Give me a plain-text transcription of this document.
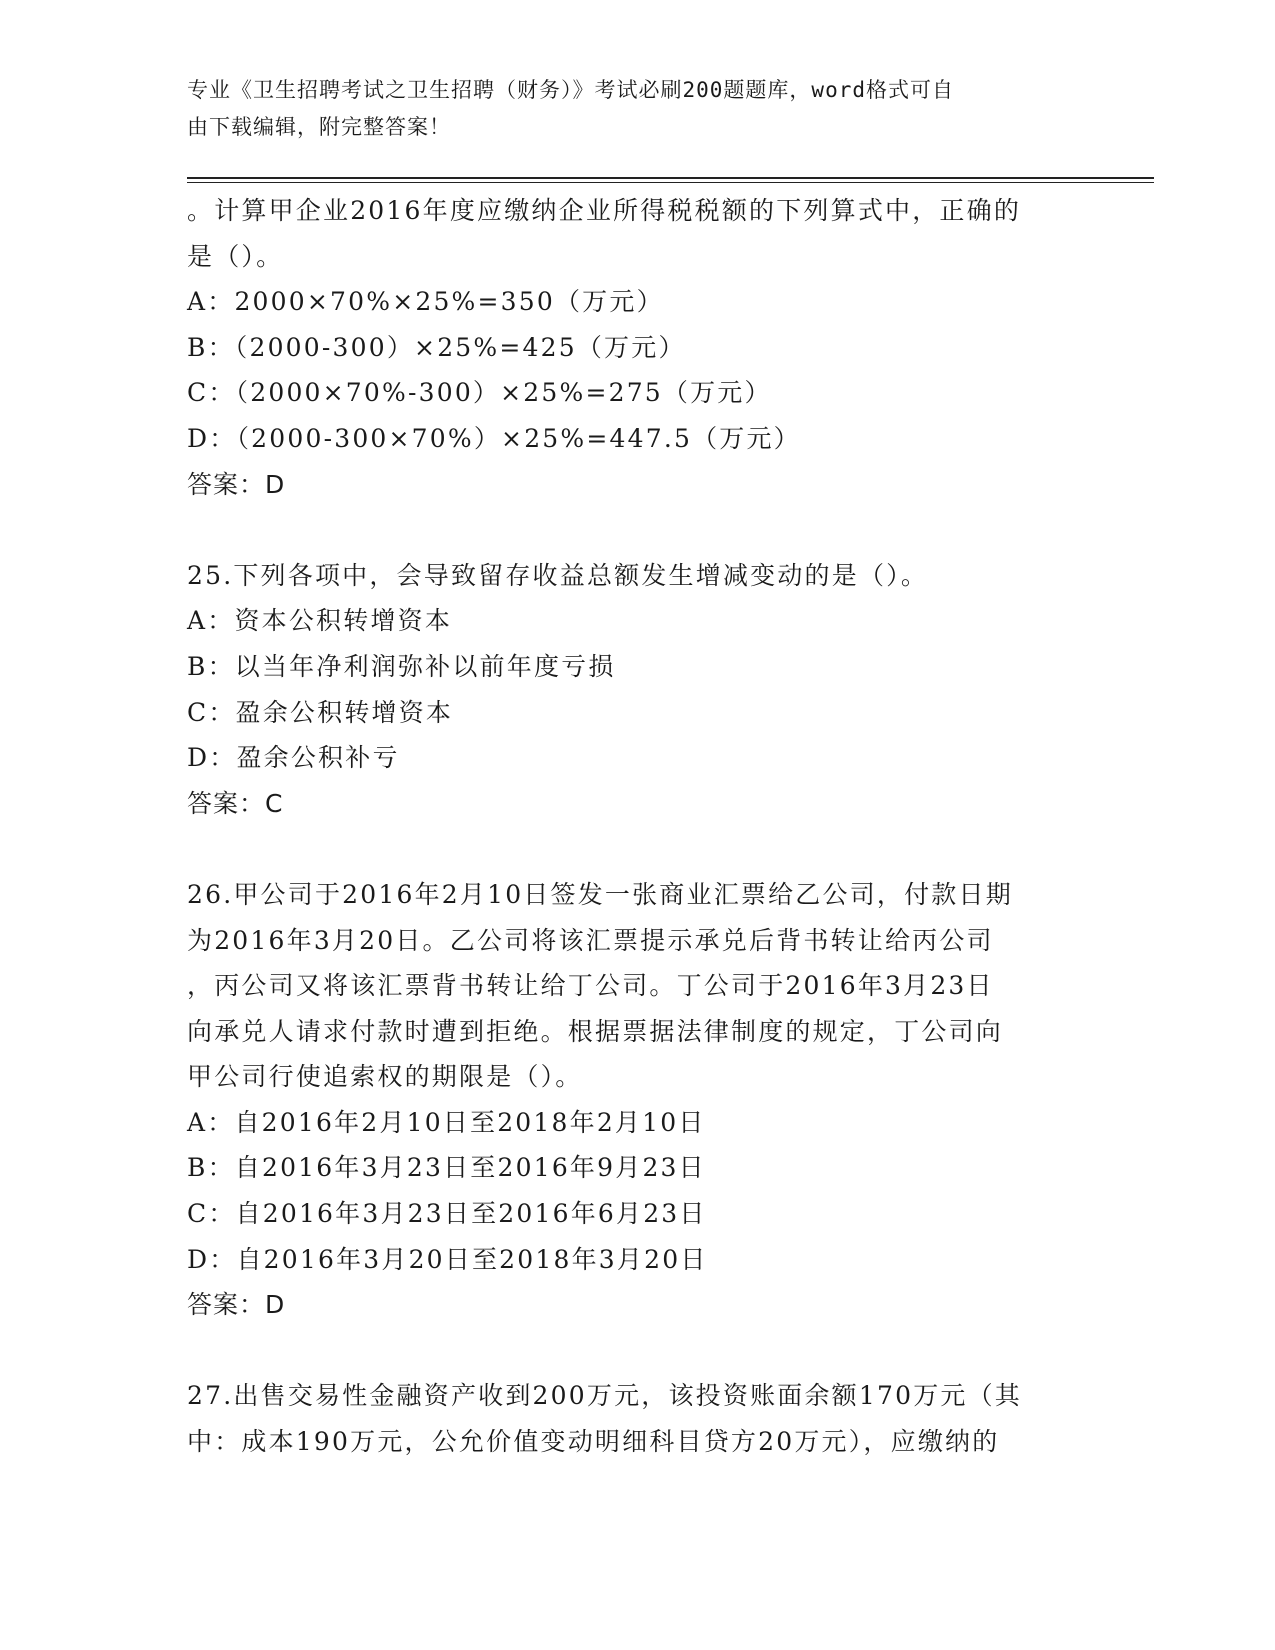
专业《卫生招聘考试之卫生招聘（财务）》考试必刷200题题库，word格式可自
由下载编辑，附完整答案！
。计算甲企业2016年度应缴纳企业所得税税额的下列算式中，正确的
是（）。
A：2000×70%×25%=350（万元）
B：（2000-300）×25%=425（万元）
C：（2000×70%-300）×25%=275（万元）
D：（2000-300×70%）×25%=447.5（万元）
答案：D
25.下列各项中，会导致留存收益总额发生增减变动的是（）。
A：资本公积转增资本
B：以当年净利润弥补以前年度亏损
C：盈余公积转增资本
D：盈余公积补亏
答案：C
26.甲公司于2016年2月10日签发一张商业汇票给乙公司，付款日期
为2016年3月20日。乙公司将该汇票提示承兑后背书转让给丙公司
，丙公司又将该汇票背书转让给丁公司。丁公司于2016年3月23日
向承兑人请求付款时遭到拒绝。根据票据法律制度的规定，丁公司向
甲公司行使追索权的期限是（）。
A：自2016年2月10日至2018年2月10日
B：自2016年3月23日至2016年9月23日
C：自2016年3月23日至2016年6月23日
D：自2016年3月20日至2018年3月20日
答案：D
27.出售交易性金融资产收到200万元，该投资账面余额170万元（其
中：成本190万元，公允价值变动明细科目贷方20万元），应缴纳的
